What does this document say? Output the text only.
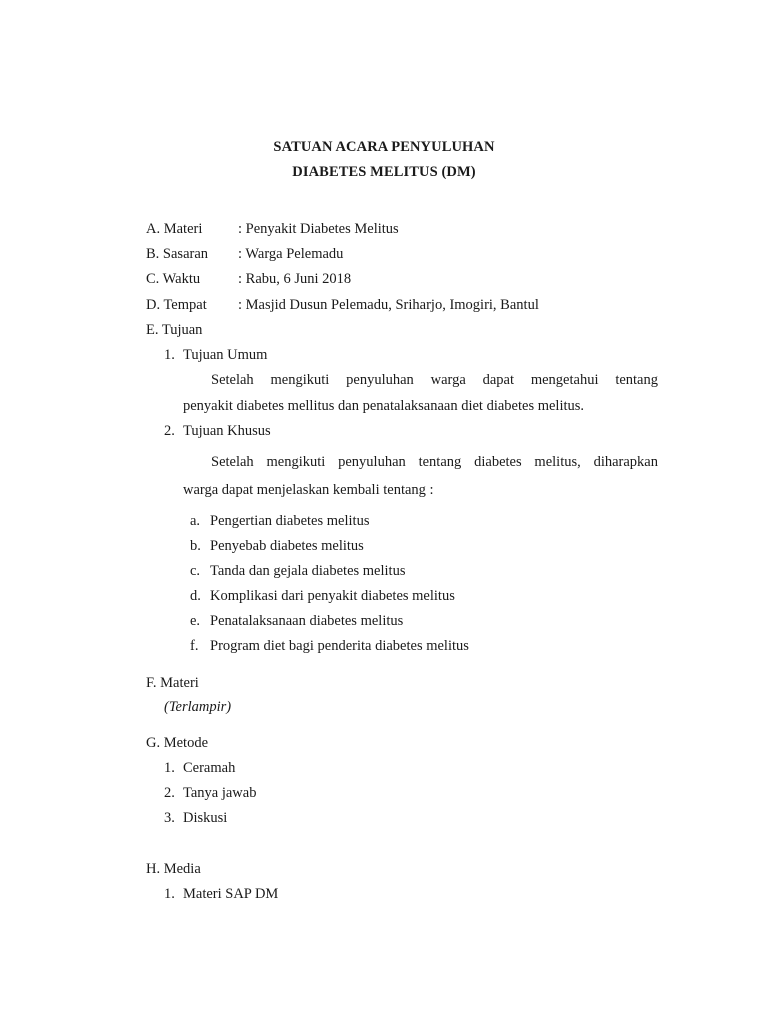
SATUAN ACARA PENYULUHAN
DIABETES MELITUS (DM)
A. Materi : Penyakit Diabetes Melitus
B. Sasaran : Warga Pelemadu
C. Waktu	: Rabu, 6 Juni 2018
D. Tempat : Masjid Dusun Pelemadu, Sriharjo, Imogiri, Bantul
E. Tujuan
1. Tujuan Umum
Setelah mengikuti penyuluhan warga dapat mengetahui tentang
penyakit diabetes mellitus dan penatalaksanaan diet diabetes melitus.
2. Tujuan Khusus
Setelah mengikuti penyuluhan tentang diabetes melitus, diharapkan
warga dapat menjelaskan kembali tentang :
a. Pengertian diabetes melitus
b. Penyebab diabetes melitus
c. Tanda dan gejala diabetes melitus
d. Komplikasi dari penyakit diabetes melitus
e. Penatalaksanaan diabetes melitus
f. Program diet bagi penderita diabetes melitus
F. Materi
(Terlampir)
G. Metode
1. Ceramah
2. Tanya jawab
3. Diskusi
H. Media
1. Materi SAP DM
